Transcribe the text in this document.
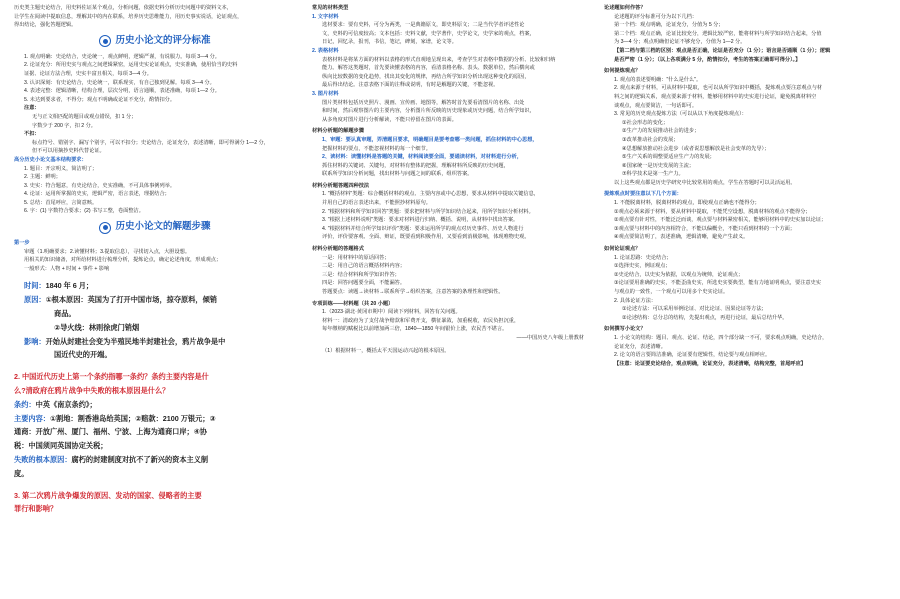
历史类主题史论结合，用史料佐证某个观点，分析问题，依据史料分析历史问题中的资料文本，
让学生在阅读中提取信息，理解其中的内在联系，培养历史思维能力，用历史事实说话，论证观点，
得出结论，强化答题逻辑。
历史小论文的评分标准
1. 观点明确：史论结合，史论统一，观点鲜明，逻辑严谨，有说服力。每项 3—4 分。
2. 论证充分：所用史实与观点之间逻辑紧密，运用史实论证观点，史实准确，使用恰当的史料
证据、论证方法合理，史实丰富且相关，每项 3—4 分。
3. 认识深刻：有史论结合，史论统一，联系现实，有自己独到见解。每项 3—4 分。
4. 表述完整：逻辑清晰，结构合理，层次分明，语言通顺，表述准确，每项 1—2 分。
5. 未达到要求者，不得分；观点不明确或论证不充分，酌情扣分。
注意：
无与正文相匹配的题目或观点错误，扣 1 分；
字数少于 200 字，扣 2 分。
不扣：
标点符号、错别字、漏写个别字，可以不扣分；史论结合，论证充分，表述清晰，即可得满分 1—2 分，
但不可以用摘抄史料代替论证。
高分历史小论文基本结构要求：
1. 题目：开宗明义，简洁明了；
2. 主题：鲜明；
3. 史实：符合题意，有史论结合，史实准确，不可具体事例列举。
4. 论证：运用所掌握的史实，逻辑严密，语言表述，理据结合；
5. 总结：首尾呼应，言简意赅。
6. 字：(1) 字数符合要求；(2) 书写工整，卷面整洁。
历史小论文的解题步骤
第一步
审题（1.明确要求；2.读懂材料；3.提取信息），寻找切入点，大胆设想。
用相关的知识储备，对所给材料进行梳理分析，提炼论点，确定论述角度，形成观点；
一般形式：人物 + 时间 + 事件 + 影响
时间：1840 年 6 月；
原因：①根本原因：英国为了打开中国市场，掠夺原料，倾销
商品。
②导火线：林则徐虎门销烟
影响：开始从封建社会变为半殖民地半封建社会，鸦片战争是中
国近代史的开端。
2. 中国近代历史上第一个条约指哪一条约？条约主要内容是什
么?清政府在鸦片战争中失败的根本原因是什么？
条约：中英《南京条约》；
主要内容：①割地：割香港岛给英国；②赔款：2100 万银元；③
通商：开放广州、厦门、福州、宁波、上海为通商口岸；④协
税：中国须同英国协定关税；
失败的根本原因：腐朽的封建制度对抗不了新兴的资本主义制
度。
3. 第二次鸦片战争爆发的原因、发动的国家、侵略者的主要
罪行和影响？
常见的材料类型
1. 文字材料
选材要求：要有史料，可分为两类，一是典籍原文，即史料原文；二是当代学者评述性论
文，史料的可信度较高；文本包括：史料文献，史学著作，史学论文，史学家的观点，档案，
日记，回忆录，报刊，书信，笔记，碑刻，家谱，论文等。
2. 表格材料
表格材料是将某方面的材料以表格的形式直观地呈现出来，考查学生对表格中数据的分析、比较和归纳
能力。解答这类题时，首先要读懂表格的内容，看清表格名称、表头、数据单位，然后横向或
纵向比较数据的变化趋势，找出其变化的规律，再结合所学知识分析出现这种变化的原因，
最后得出结论。注意表格下面的注释或说明，有时是解题的关键，不能忽视。
3. 图片材料
图片类材料包括历史照片、漫画、宣传画、地图等，解答时首先要看清图片的名称、出处
和时间，然后观察图片的主要内容，分析图片所反映的历史现象或历史问题，结合所学知识，
从多角度对图片进行分析解读，不能只停留在图片的表面。
材料分析题的解题步骤
1、审题：要认真审题，弄清题目要求，明确题目是要考查哪一类问题，抓住材料的中心思想，
把握材料的要点，不能忽视材料的每一个细节。
2、读材料：读懂材料是答题的关键，材料阅读要全面，要通读材料，对材料进行分析，
抓住材料的关键词、关键句，对材料有整体的把握，理解材料所反映的历史问题，
联系所学知识分析问题，找出材料与问题之间的联系，组织答案。
材料分析题答题四种技法
1. "概括材料"类题：综合概括材料的观点、主要内容或中心思想，要求从材料中提取关键信息，
并用自己的语言表述出来，不能照抄材料原句。
2. "根据材料和所学知识回答"类题：要求把材料与所学知识结合起来，用所学知识分析材料。
3. "根据上述材料说明"类题：要求对材料进行归纳、概括、说明，从材料中找出答案。
4. "根据材料并结合所学知识评价"类题：要求运用所学的观点对历史事件、历史人物进行
评价，评价要客观、全面、辩证，既要看到积极作用，又要看到消极影响，体现唯物史观。
材料分析题的答题格式
一是：用材料中的原话回答；
二是：用自己的语言概括材料内容；
三是：结合材料和所学知识作答；
四是：回答问题要全面，不能漏答。
答题要点：读题→读材料→联系所学→组织答案，注意答案的条理性和逻辑性。
专项训练——材料题（共 20 小题）
1.（2023·湖北·黄冈市期中）阅读下列材料，回答有关问题。
材料一：清政府为了支付战争赔款和军费开支，横征暴敛，加重税收，农民负担沉重，
每年缴纳的赋税比以前增加两三倍，1840—1850 年间银价上涨，农民苦不堪言。
——中国历史八年级上册教材
（1）根据材料一，概括太平天国运动兴起的根本原因。
论述题如何作答？
论述题的评分标准可分为以下几档：
第一个档：观点明确，论证充分，分值为 5 分；
第二个档：观点正确，论证比较充分，逻辑比较严密，能将材料与所学知识结合起来，分值
为 3—4 分；观点明确但论证不够充分，分值为 1—2 分。
【第二档与第三档的区别：观点是否正确，论证是否充分（1 分）；语言是否通顺（1 分）；逻辑
是否严密（1 分）；（以上各项满分 5 分，酌情扣分，考生的答案正确即可得分）。】
如何提炼观点？
1. 观点的表述要明确："什么是什么"。
2. 观点来源于材料，可从材料中提取，也可以从所学知识中概括，提炼观点要注意观点与材
料之间的逻辑关系，观点要来源于材料，能够用材料中的史实进行论证，避免脱离材料空
谈观点，观点要简洁，一句话即可。
3. 常见的历史观点提炼方法（可以从以下角度提炼观点）：
①社会形态的变化；
②生产力的发展推动社会的进步；
③改革推动社会的发展；
④思想解放推动社会进步（或者说思想解放是社会变革的先导）；
⑤生产关系的调整要适应生产力的发展；
⑥国家统一是历史发展的主流；
⑦科学技术是第一生产力。
以上这些观点都是历史学研究中比较常用的观点，学生在答题时可以灵活运用。
提炼观点时要注意以下几个方面：
1. 不能脱离材料，脱离材料的观点，即使观点正确也不能得分；
①观点必须来源于材料，要从材料中提取，不能凭空设想，脱离材料的观点不能得分；
②观点要有针对性，不能泛泛而谈，观点要与材料紧密相关，能够用材料中的史实加以论证；
③观点要与材料中的内容相符合，不能以偏概全，不能只看到材料的一个方面；
④观点要简洁明了，表述准确，逻辑清晰，避免产生歧义。
如何论证观点？
1. 论证思路：史论结合；
①选择史实，例证观点；
②史论结合，以史实为依据，以观点为统帅，论证观点；
③论证要用准确的史实，不能歪曲史实，所选史实要典型，能有力地证明观点，要注意史实
与观点的一致性，一个观点可以用多个史实论证。
2. 具体论证方法：
①论述方法：可以采用举例论证、对比论证、因果论证等方法；
②论述结构：总分总的结构，先提出观点，再进行论证，最后总结升华。
如何撰写小论文？
1. 小论文的结构：题目、观点、论证、结论，四个部分缺一不可，要求观点明确，史论结合，
论证充分，表述清晰。
2. 论文的语言要简洁准确，论证要有逻辑性，结论要与观点相呼应。
【注意：论证要史论结合，观点明确，论证充分，表述清晰，结构完整，首尾呼应】
